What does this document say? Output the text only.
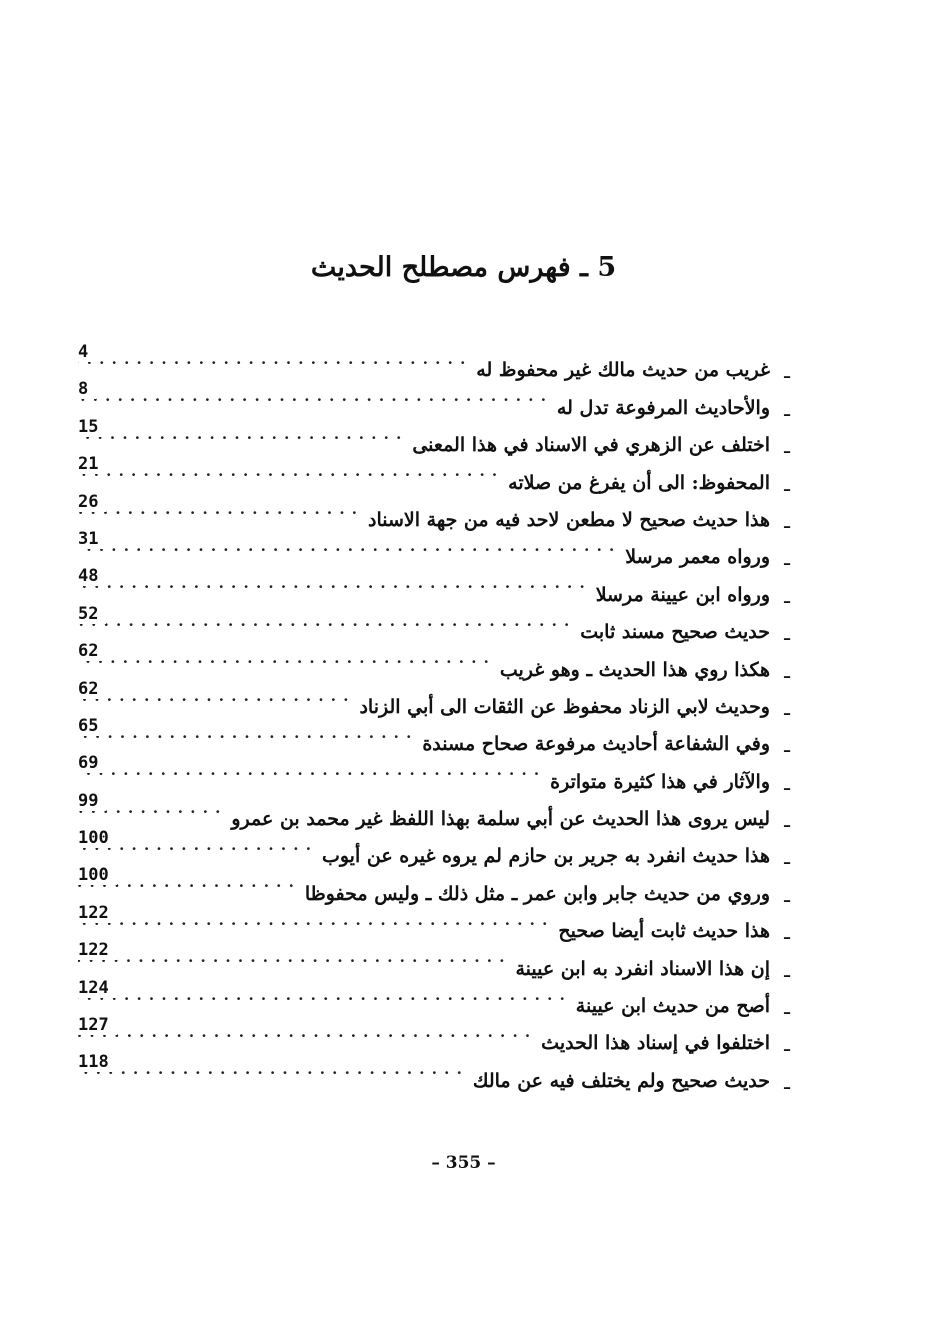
5 ـ فهرس مصطلح الحديث
ـ
غريب من حديث مالك غير محفوظ له
. . .
4
ـ
والأحاديث المرفوعة تدل له
. . .
8
ـ
اختلف عن الزهري في الاسناد في هذا المعنى
. . .
15
ـ
المحفوظ: الى أن يفرغ من صلاته
. . .
21
ـ
هذا حديث صحيح لا مطعن لاحد فيه من جهة الاسناد
. . .
26
ـ
ورواه معمر مرسلا
. . .
31
ـ
ورواه ابن عيينة مرسلا
. . .
48
ـ
حديث صحيح مسند ثابت
. . .
52
ـ
هكذا روي هذا الحديث ـ وهو غريب
. . .
62
ـ
وحديث لابي الزناد محفوظ عن الثقات الى أبي الزناد
. . .
62
ـ
وفي الشفاعة أحاديث مرفوعة صحاح مسندة
. . .
65
ـ
والآثار في هذا كثيرة متواترة
. . .
69
ـ
ليس يروى هذا الحديث عن أبي سلمة بهذا اللفظ غير محمد بن عمرو
. . .
99
ـ
هذا حديث انفرد به جرير بن حازم لم يروه غيره عن أيوب
. . .
100
ـ
وروي من حديث جابر وابن عمر ـ مثل ذلك ـ وليس محفوظا
. . .
100
ـ
هذا حديث ثابت أيضا صحيح
. . .
122
ـ
إن هذا الاسناد انفرد به ابن عيينة
. . .
122
ـ
أصح من حديث ابن عيينة
. . .
124
ـ
اختلفوا في إسناد هذا الحديث
. . .
127
ـ
حديث صحيح ولم يختلف فيه عن مالك
. . .
118
– 355 –
